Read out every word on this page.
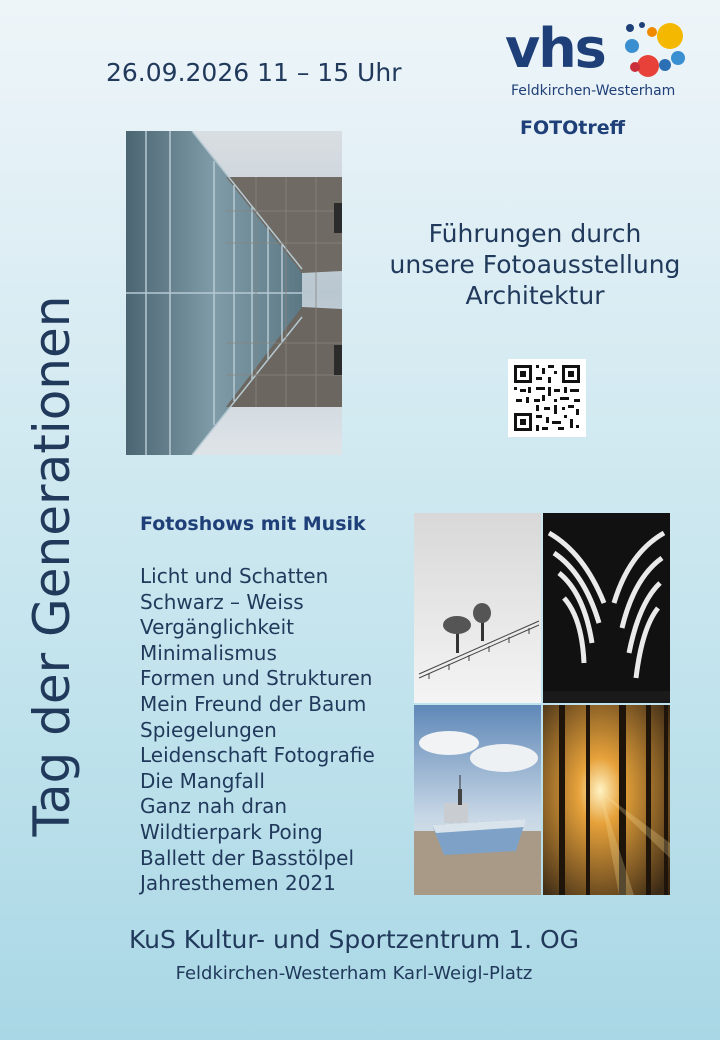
26.09.2026 11 – 15 Uhr vhs
Feldkirchen-Westerham
FOTOtreff
Führungen durch
unsere Fotoausstellung
Architektur
Tag der Generationen	Fotoshows mit Musik
Licht und Schatten
Schwarz – Weiss
Vergänglichkeit
Minimalismus
Formen und Strukturen
Mein Freund der Baum
Spiegelungen
Leidenschaft Fotografie
Die Mangfall
Ganz nah dran
Wildtierpark Poing
Ballett der Basstölpel
Jahresthemen 2021
KuS Kultur- und Sportzentrum 1. OG
Feldkirchen-Westerham Karl-Weigl-Platz
